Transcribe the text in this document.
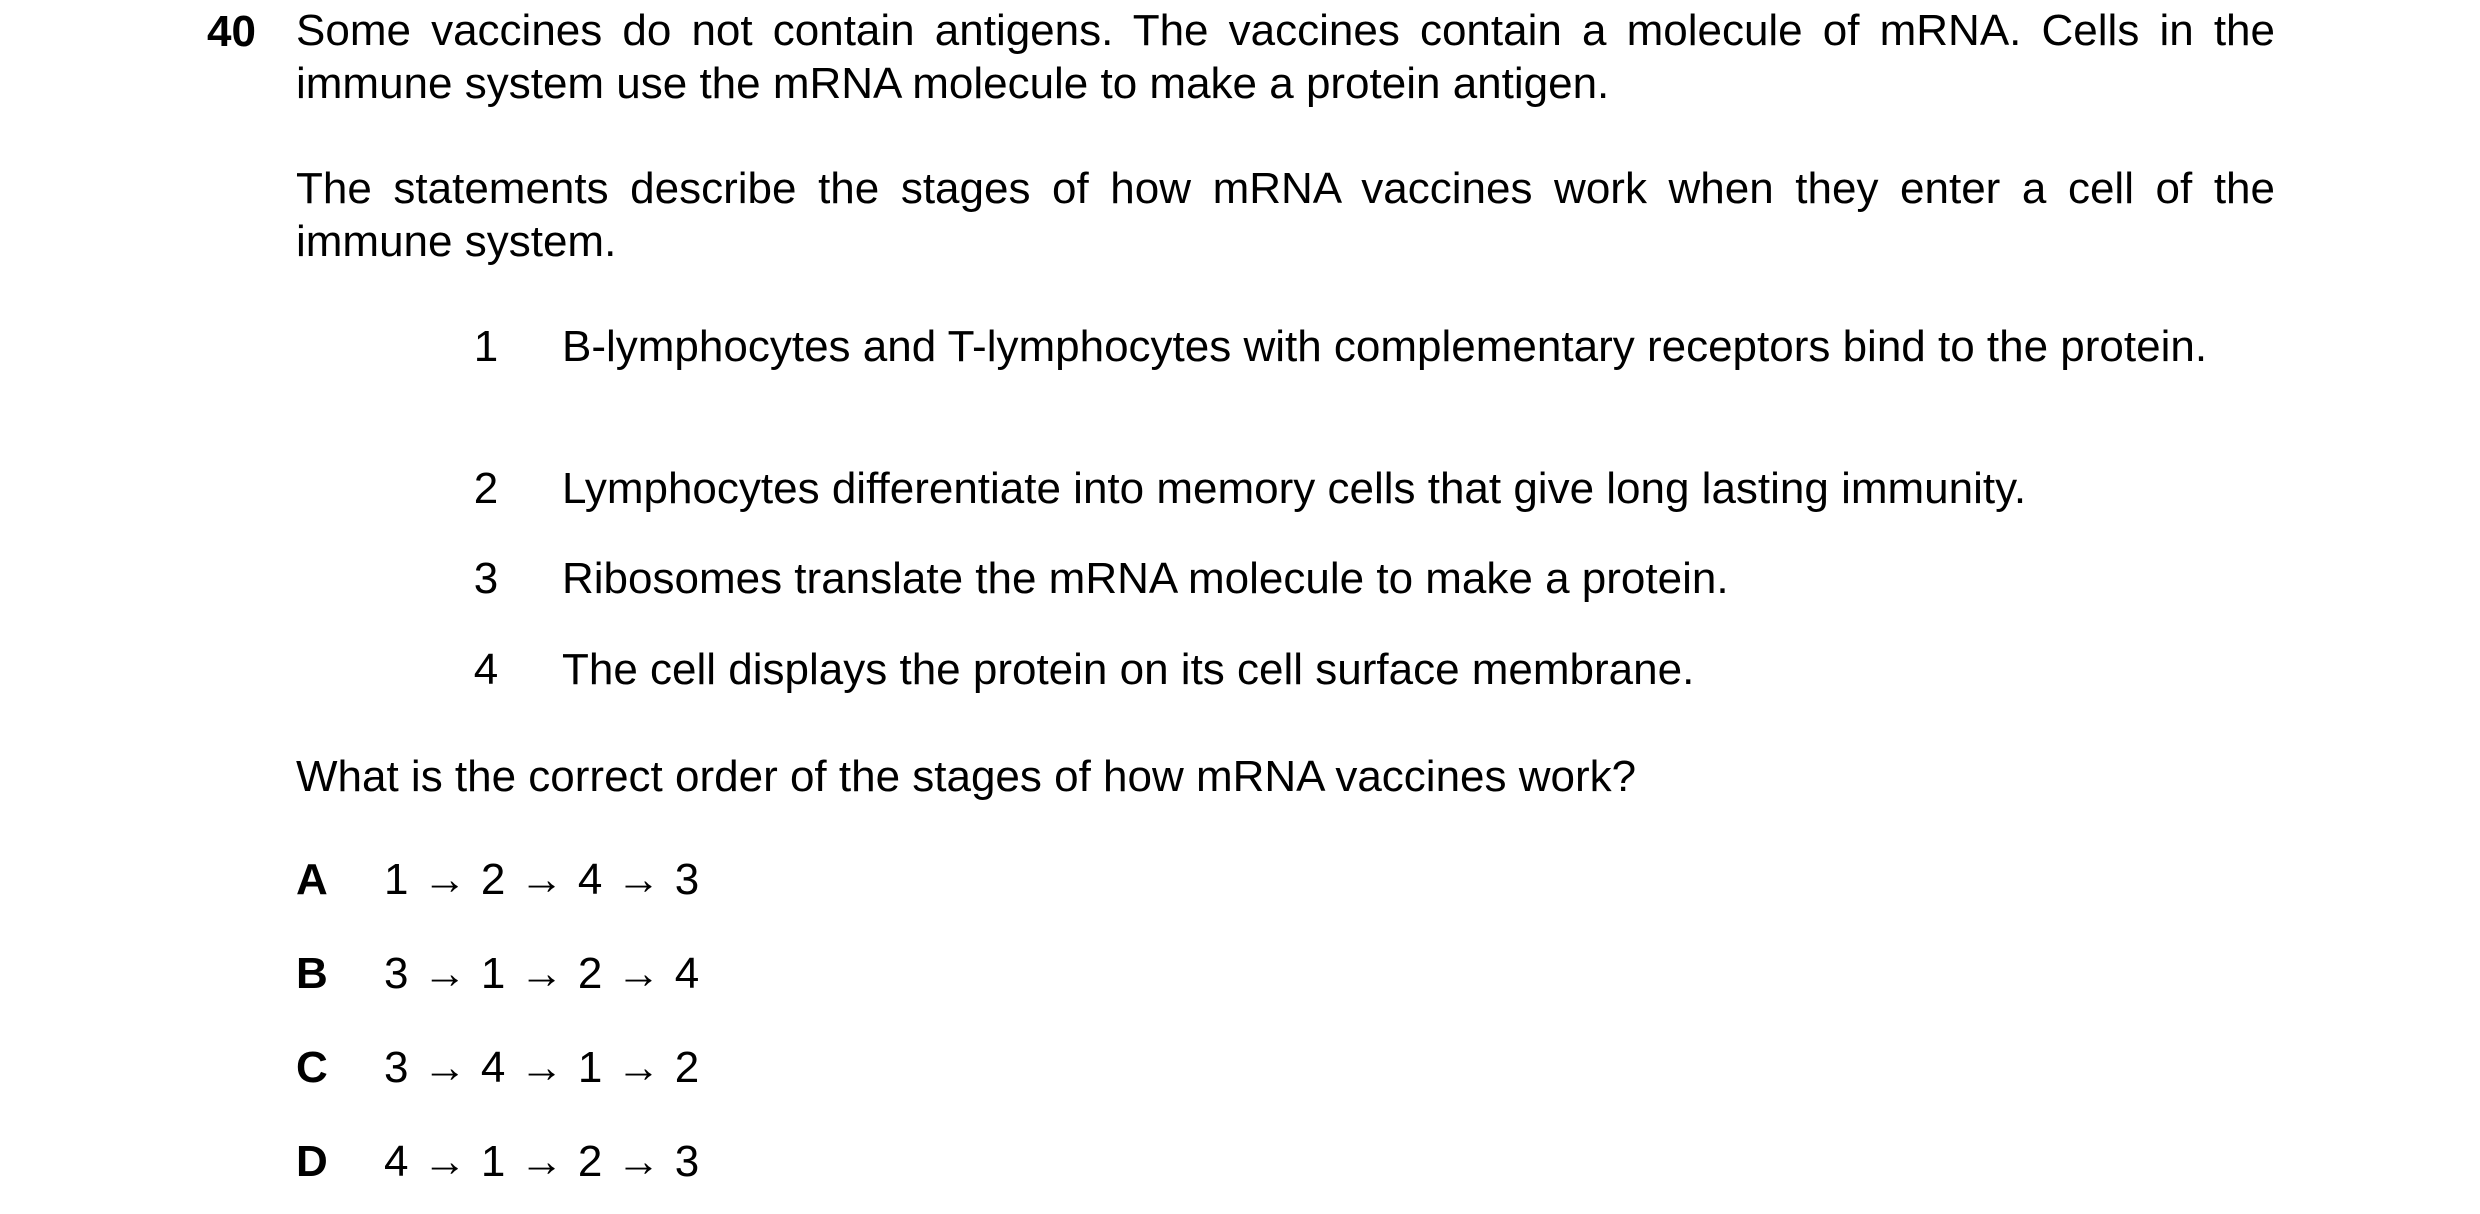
40 Some vaccines do not contain antigens. The vaccines contain a molecule of mRNA. Cells in the immune system use the mRNA molecule to make a protein antigen.
The statements describe the stages of how mRNA vaccines work when they enter a cell of the immune system.
1 B-lymphocytes and T-lymphocytes with complementary receptors bind to the protein.
2 Lymphocytes differentiate into memory cells that give long lasting immunity.
3 Ribosomes translate the mRNA molecule to make a protein.
4 The cell displays the protein on its cell surface membrane.
What is the correct order of the stages of how mRNA vaccines work?
A 1 → 2 → 4 → 3
B 3 → 1 → 2 → 4
C 3 → 4 → 1 → 2
D 4 → 1 → 2 → 3
